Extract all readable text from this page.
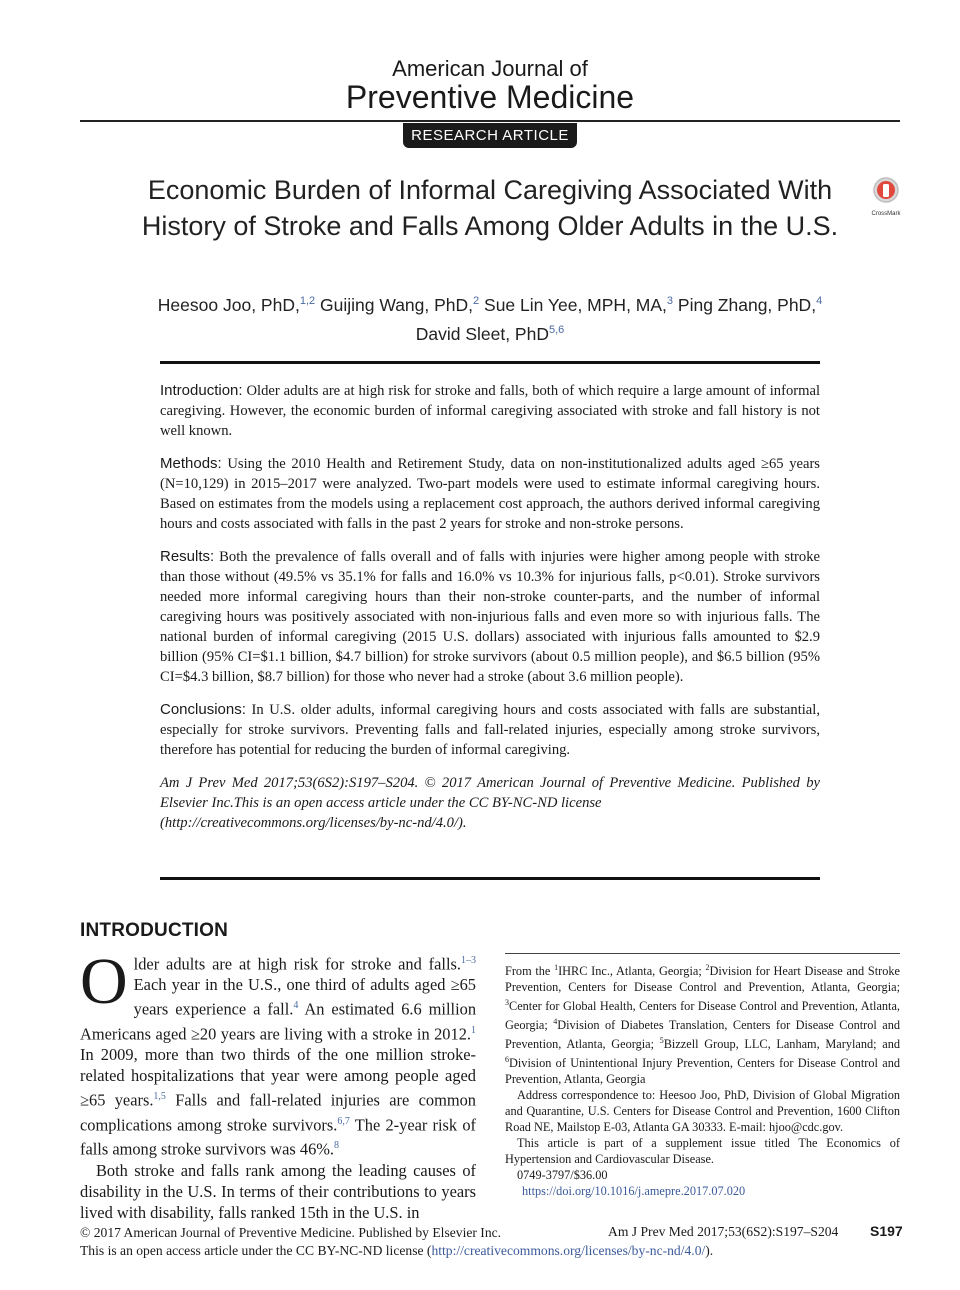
American Journal of
Preventive Medicine
RESEARCH ARTICLE
Economic Burden of Informal Caregiving Associated With History of Stroke and Falls Among Older Adults in the U.S.	CrossMark
Heesoo Joo, PhD,$^{1,2}$ Guijing Wang, PhD,$^2$ Sue Lin Yee, MPH, MA,$^3$ Ping Zhang, PhD,$^4$
David Sleet, PhD$^{5,6}$

Introduction: Older adults are at high risk for stroke and falls, both of which require a large amount of informal caregiving. However, the economic burden of informal caregiving associated with stroke and fall history is not well known.

Methods: Using the 2010 Health and Retirement Study, data on non-institutionalized adults aged ≥65 years (N=10,129) in 2015–2017 were analyzed. Two-part models were used to estimate informal caregiving hours. Based on estimates from the models using a replacement cost approach, the authors derived informal caregiving hours and costs associated with falls in the past 2 years for stroke and non-stroke persons.

Results: Both the prevalence of falls overall and of falls with injuries were higher among people with stroke than those without (49.5% vs 35.1% for falls and 16.0% vs 10.3% for injurious falls, p<0.01). Stroke survivors needed more informal caregiving hours than their non-stroke counter-parts, and the number of informal caregiving hours was positively associated with non-injurious falls and even more so with injurious falls. The national burden of informal caregiving (2015 U.S. dollars) associated with injurious falls amounted to $2.9 billion (95% CI=$1.1 billion, $4.7 billion) for stroke survivors (about 0.5 million people), and $6.5 billion (95% CI=$4.3 billion, $8.7 billion) for those who never had a stroke (about 3.6 million people).

Conclusions: In U.S. older adults, informal caregiving hours and costs associated with falls are substantial, especially for stroke survivors. Preventing falls and fall-related injuries, especially among stroke survivors, therefore has potential for reducing the burden of informal caregiving.

Am J Prev Med 2017;53(6S2):S197–S204. © 2017 American Journal of Preventive Medicine. Published by Elsevier Inc.This is an open access article under the CC BY-NC-ND license
(http://creativecommons.org/licenses/by-nc-nd/4.0/).

INTRODUCTION

Older adults are at high risk for stroke and falls.$^{1-3}$ Each year in the U.S., one third of adults aged ≥65 years experience a fall.$^4$ An estimated 6.6 million Americans aged ≥20 years are living with a stroke in 2012.$^1$ In 2009, more than two thirds of the one million stroke-related hospitalizations that year were among people aged ≥65 years.$^{1,5}$ Falls and fall-related injuries are common complications among stroke survivors.$^{6,7}$ The 2-year risk of falls among stroke survivors was 46%.$^8$

Both stroke and falls rank among the leading causes of disability in the U.S. In terms of their contributions to years lived with disability, falls ranked 15th in the U.S. in

From the $^1$IHRC Inc., Atlanta, Georgia; $^2$Division for Heart Disease and Stroke Prevention, Centers for Disease Control and Prevention, Atlanta, Georgia; $^3$Center for Global Health, Centers for Disease Control and Prevention, Atlanta, Georgia; $^4$Division of Diabetes Translation, Centers for Disease Control and Prevention, Atlanta, Georgia; $^5$Bizzell Group, LLC, Lanham, Maryland; and $^6$Division of Unintentional Injury Prevention, Centers for Disease Control and Prevention, Atlanta, Georgia

Address correspondence to: Heesoo Joo, PhD, Division of Global Migration and Quarantine, U.S. Centers for Disease Control and Prevention, 1600 Clifton Road NE, Mailstop E-03, Atlanta GA 30333. E-mail: hjoo@cdc.gov.

This article is part of a supplement issue titled The Economics of Hypertension and Cardiovascular Disease.

0749-3797/$36.00

https://doi.org/10.1016/j.amepre.2017.07.020

© 2017 American Journal of Preventive Medicine. Published by Elsevier Inc.
This is an open access article under the CC BY-NC-ND license (http://creativecommons.org/licenses/by-nc-nd/4.0/).
Am J Prev Med 2017;53(6S2):S197–S204 S197
